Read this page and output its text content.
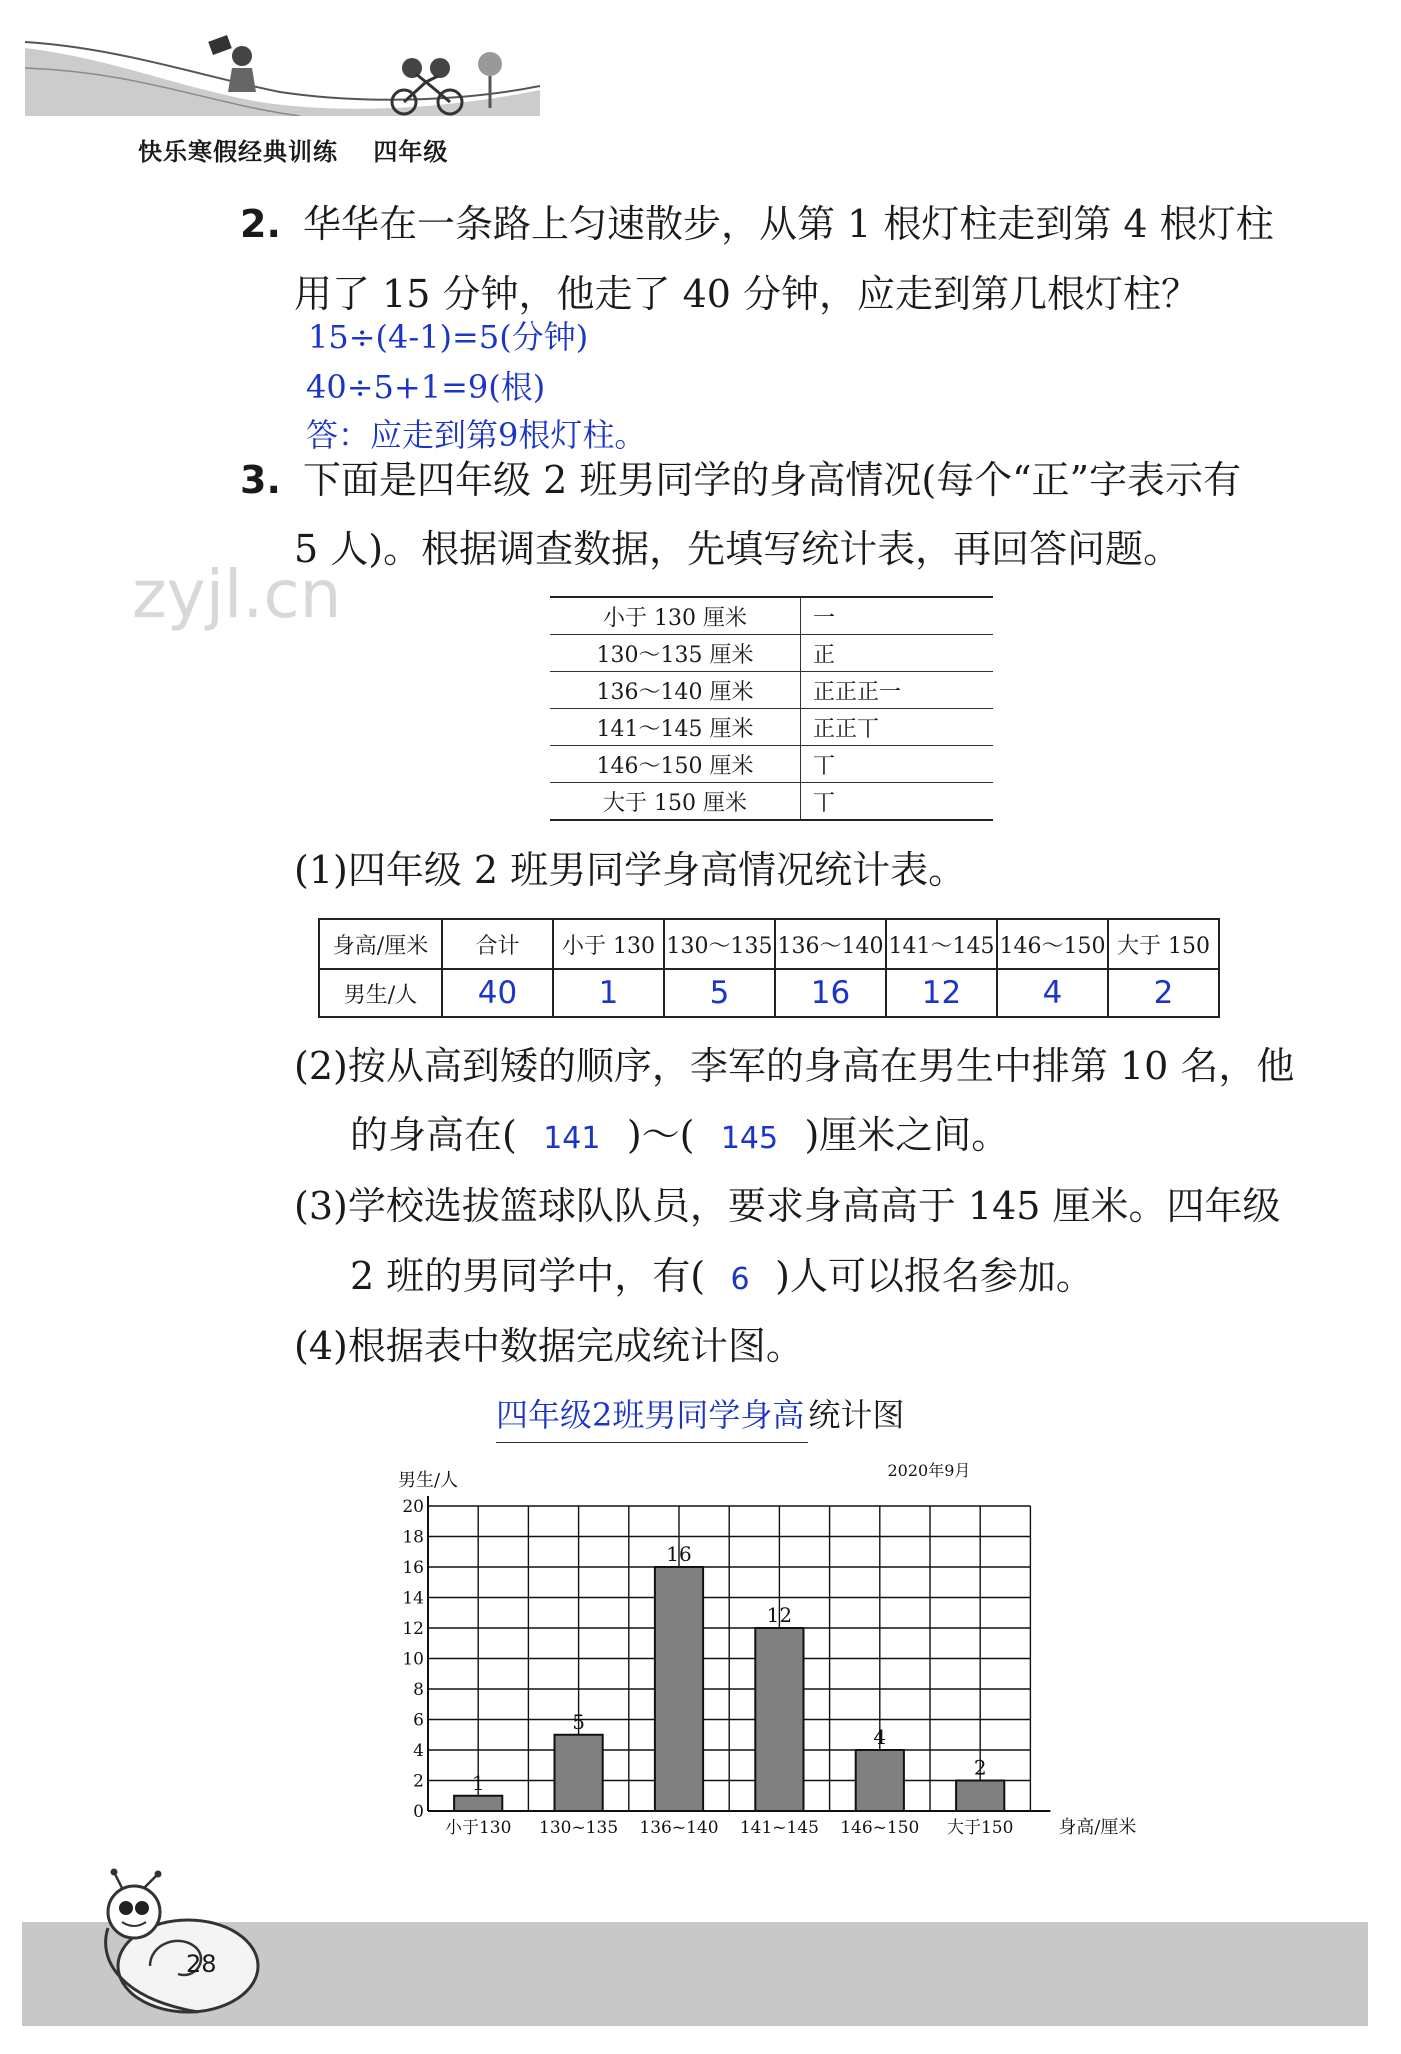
快乐寒假经典训练 四年级
zyjl.cn
2. 华华在一条路上匀速散步，从第 1 根灯柱走到第 4 根灯柱
用了 15 分钟，他走了 40 分钟，应走到第几根灯柱？
15÷(4-1)=5(分钟)
40÷5+1=9(根)
答：应走到第9根灯柱。
3. 下面是四年级 2 班男同学的身高情况(每个“正”字表示有
5 人)。根据调查数据，先填写统计表，再回答问题。
小于 130 厘米	一
130～135 厘米	正
136～140 厘米	正正正一
141～145 厘米	正正丅
146～150 厘米	丅
大于 150 厘米	丅
(1)四年级 2 班男同学身高情况统计表。
身高/厘米	合计	小于 130	130～135	136～140	141～145	146～150	大于 150
男生/人	40	1	5	16	12	4	2
(2)按从高到矮的顺序，李军的身高在男生中排第 10 名，他
的身高在( 141 )～( 145 )厘米之间。
(3)学校选拔篮球队队员，要求身高高于 145 厘米。四年级
2 班的男同学中，有( 6 )人可以报名参加。
(4)根据表中数据完成统计图。
四年级2班男同学身高 统计图
0
2
4
6
8
10
12
14
16
18
20
1
小于130
5
130~135
16
136~140
12
141~145
4
146~150
2
大于150
男生/人
身高/厘米
2020年9月
28
